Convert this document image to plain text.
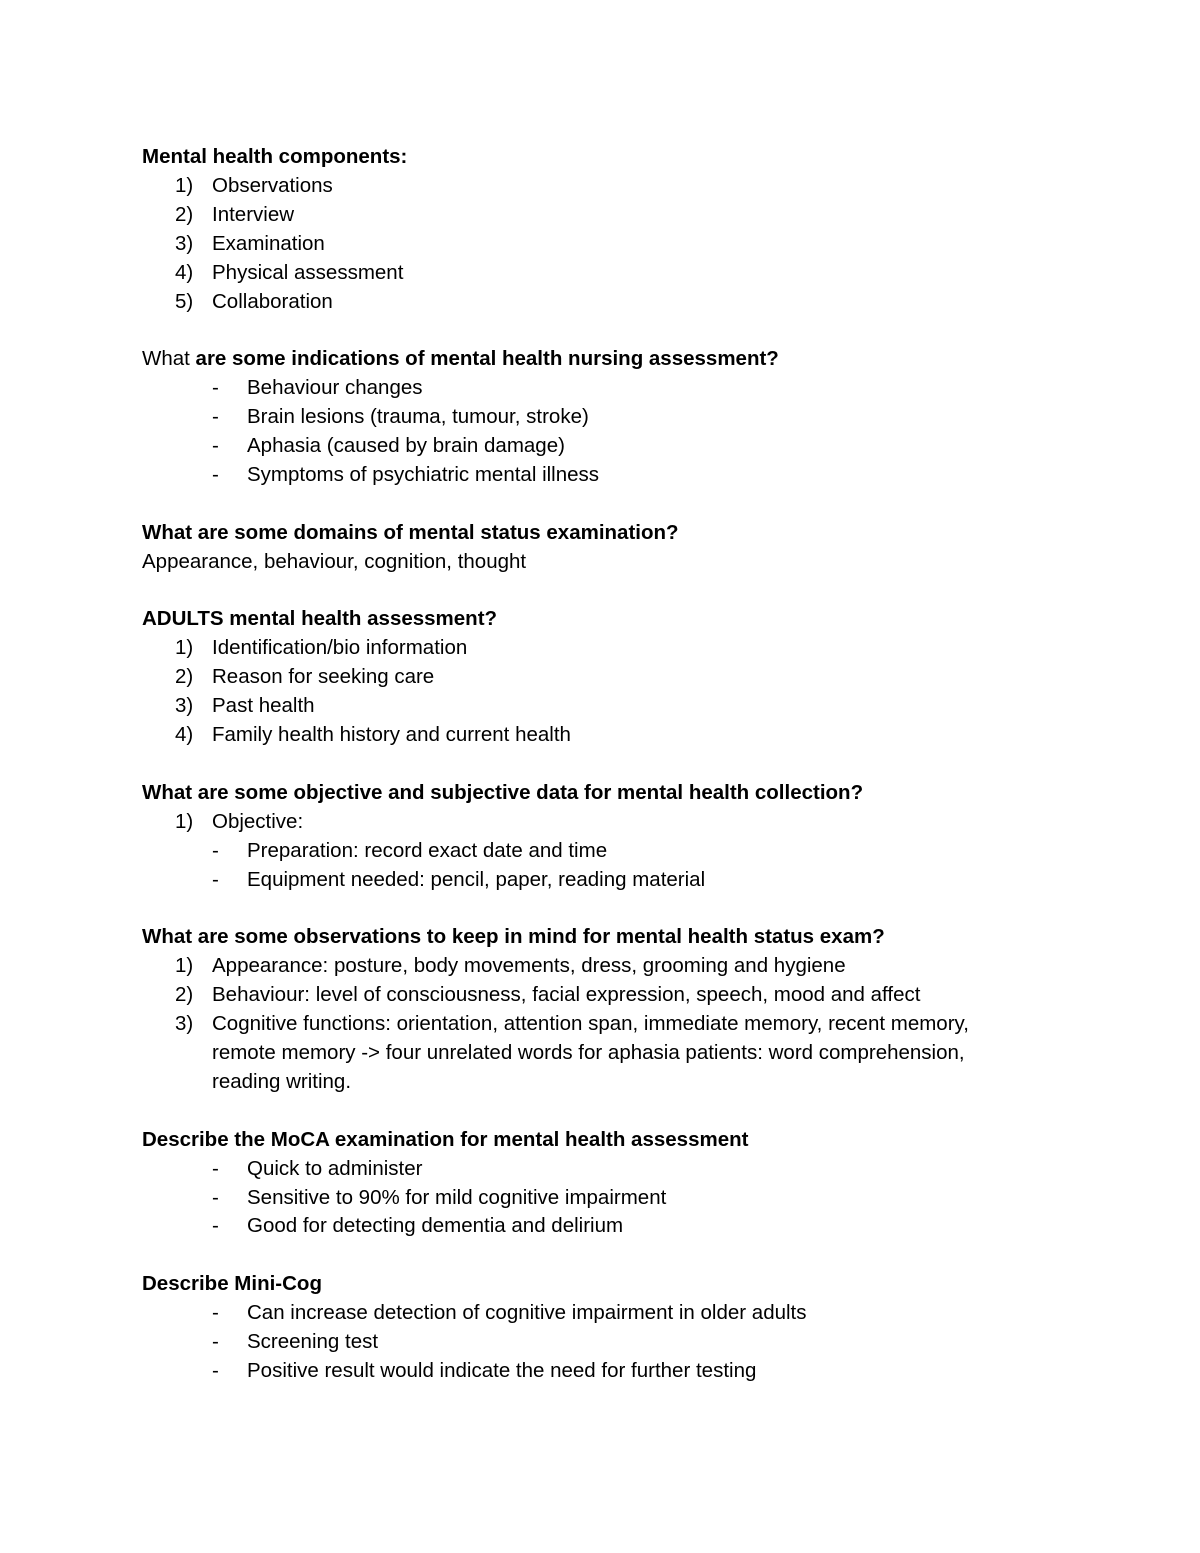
Mental health components:
1) Observations
2) Interview
3) Examination
4) Physical assessment
5) Collaboration
What are some indications of mental health nursing assessment?
- Behaviour changes
- Brain lesions (trauma, tumour, stroke)
- Aphasia (caused by brain damage)
- Symptoms of psychiatric mental illness
What are some domains of mental status examination?
Appearance, behaviour, cognition, thought
ADULTS mental health assessment?
1) Identification/bio information
2) Reason for seeking care
3) Past health
4) Family health history and current health
What are some objective and subjective data for mental health collection?
1) Objective:
- Preparation: record exact date and time
- Equipment needed: pencil, paper, reading material
What are some observations to keep in mind for mental health status exam?
1) Appearance: posture, body movements, dress, grooming and hygiene
2) Behaviour: level of consciousness, facial expression, speech, mood and affect
3) Cognitive functions: orientation, attention span, immediate memory, recent memory,
remote memory -> four unrelated words for aphasia patients: word comprehension,
reading writing.
Describe the MoCA examination for mental health assessment
- Quick to administer
- Sensitive to 90% for mild cognitive impairment
- Good for detecting dementia and delirium
Describe Mini-Cog
- Can increase detection of cognitive impairment in older adults
- Screening test
- Positive result would indicate the need for further testing
